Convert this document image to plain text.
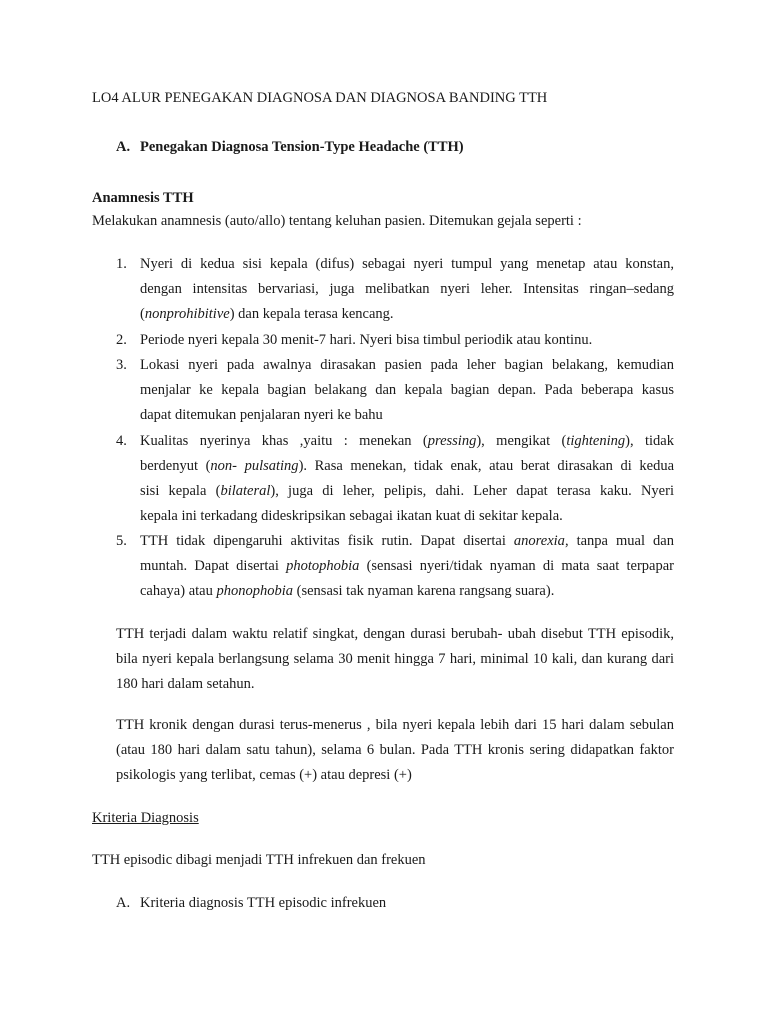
LO4 ALUR PENEGAKAN DIAGNOSA DAN DIAGNOSA BANDING TTH
A. Penegakan Diagnosa Tension-Type Headache (TTH)
Anamnesis TTH
Melakukan anamnesis (auto/allo) tentang keluhan pasien. Ditemukan gejala seperti :
1. Nyeri di kedua sisi kepala (difus) sebagai nyeri tumpul yang menetap atau konstan,
dengan intensitas bervariasi, juga melibatkan nyeri leher. Intensitas ringan–sedang
(nonprohibitive) dan kepala terasa kencang.
2. Periode nyeri kepala 30 menit-7 hari. Nyeri bisa timbul periodik atau kontinu.
3. Lokasi nyeri pada awalnya dirasakan pasien pada leher bagian belakang, kemudian
menjalar ke kepala bagian belakang dan kepala bagian depan. Pada beberapa kasus
dapat ditemukan penjalaran nyeri ke bahu
4. Kualitas nyerinya khas ,yaitu : menekan (pressing), mengikat (tightening), tidak
berdenyut (non- pulsating). Rasa menekan, tidak enak, atau berat dirasakan di kedua
sisi kepala (bilateral), juga di leher, pelipis, dahi. Leher dapat terasa kaku. Nyeri
kepala ini terkadang dideskripsikan sebagai ikatan kuat di sekitar kepala.
5. TTH tidak dipengaruhi aktivitas fisik rutin. Dapat disertai anorexia, tanpa mual dan
muntah. Dapat disertai photophobia (sensasi nyeri/tidak nyaman di mata saat terpapar
cahaya) atau phonophobia (sensasi tak nyaman karena rangsang suara).
TTH terjadi dalam waktu relatif singkat, dengan durasi berubah- ubah disebut TTH episodik, bila nyeri kepala berlangsung selama 30 menit hingga 7 hari, minimal 10 kali, dan kurang dari 180 hari dalam setahun.
TTH kronik dengan durasi terus-menerus , bila nyeri kepala lebih dari 15 hari dalam sebulan (atau 180 hari dalam satu tahun), selama 6 bulan. Pada TTH kronis sering didapatkan faktor psikologis yang terlibat, cemas (+) atau depresi (+)
Kriteria Diagnosis
TTH episodic dibagi menjadi TTH infrekuen dan frekuen
A. Kriteria diagnosis TTH episodic infrekuen
